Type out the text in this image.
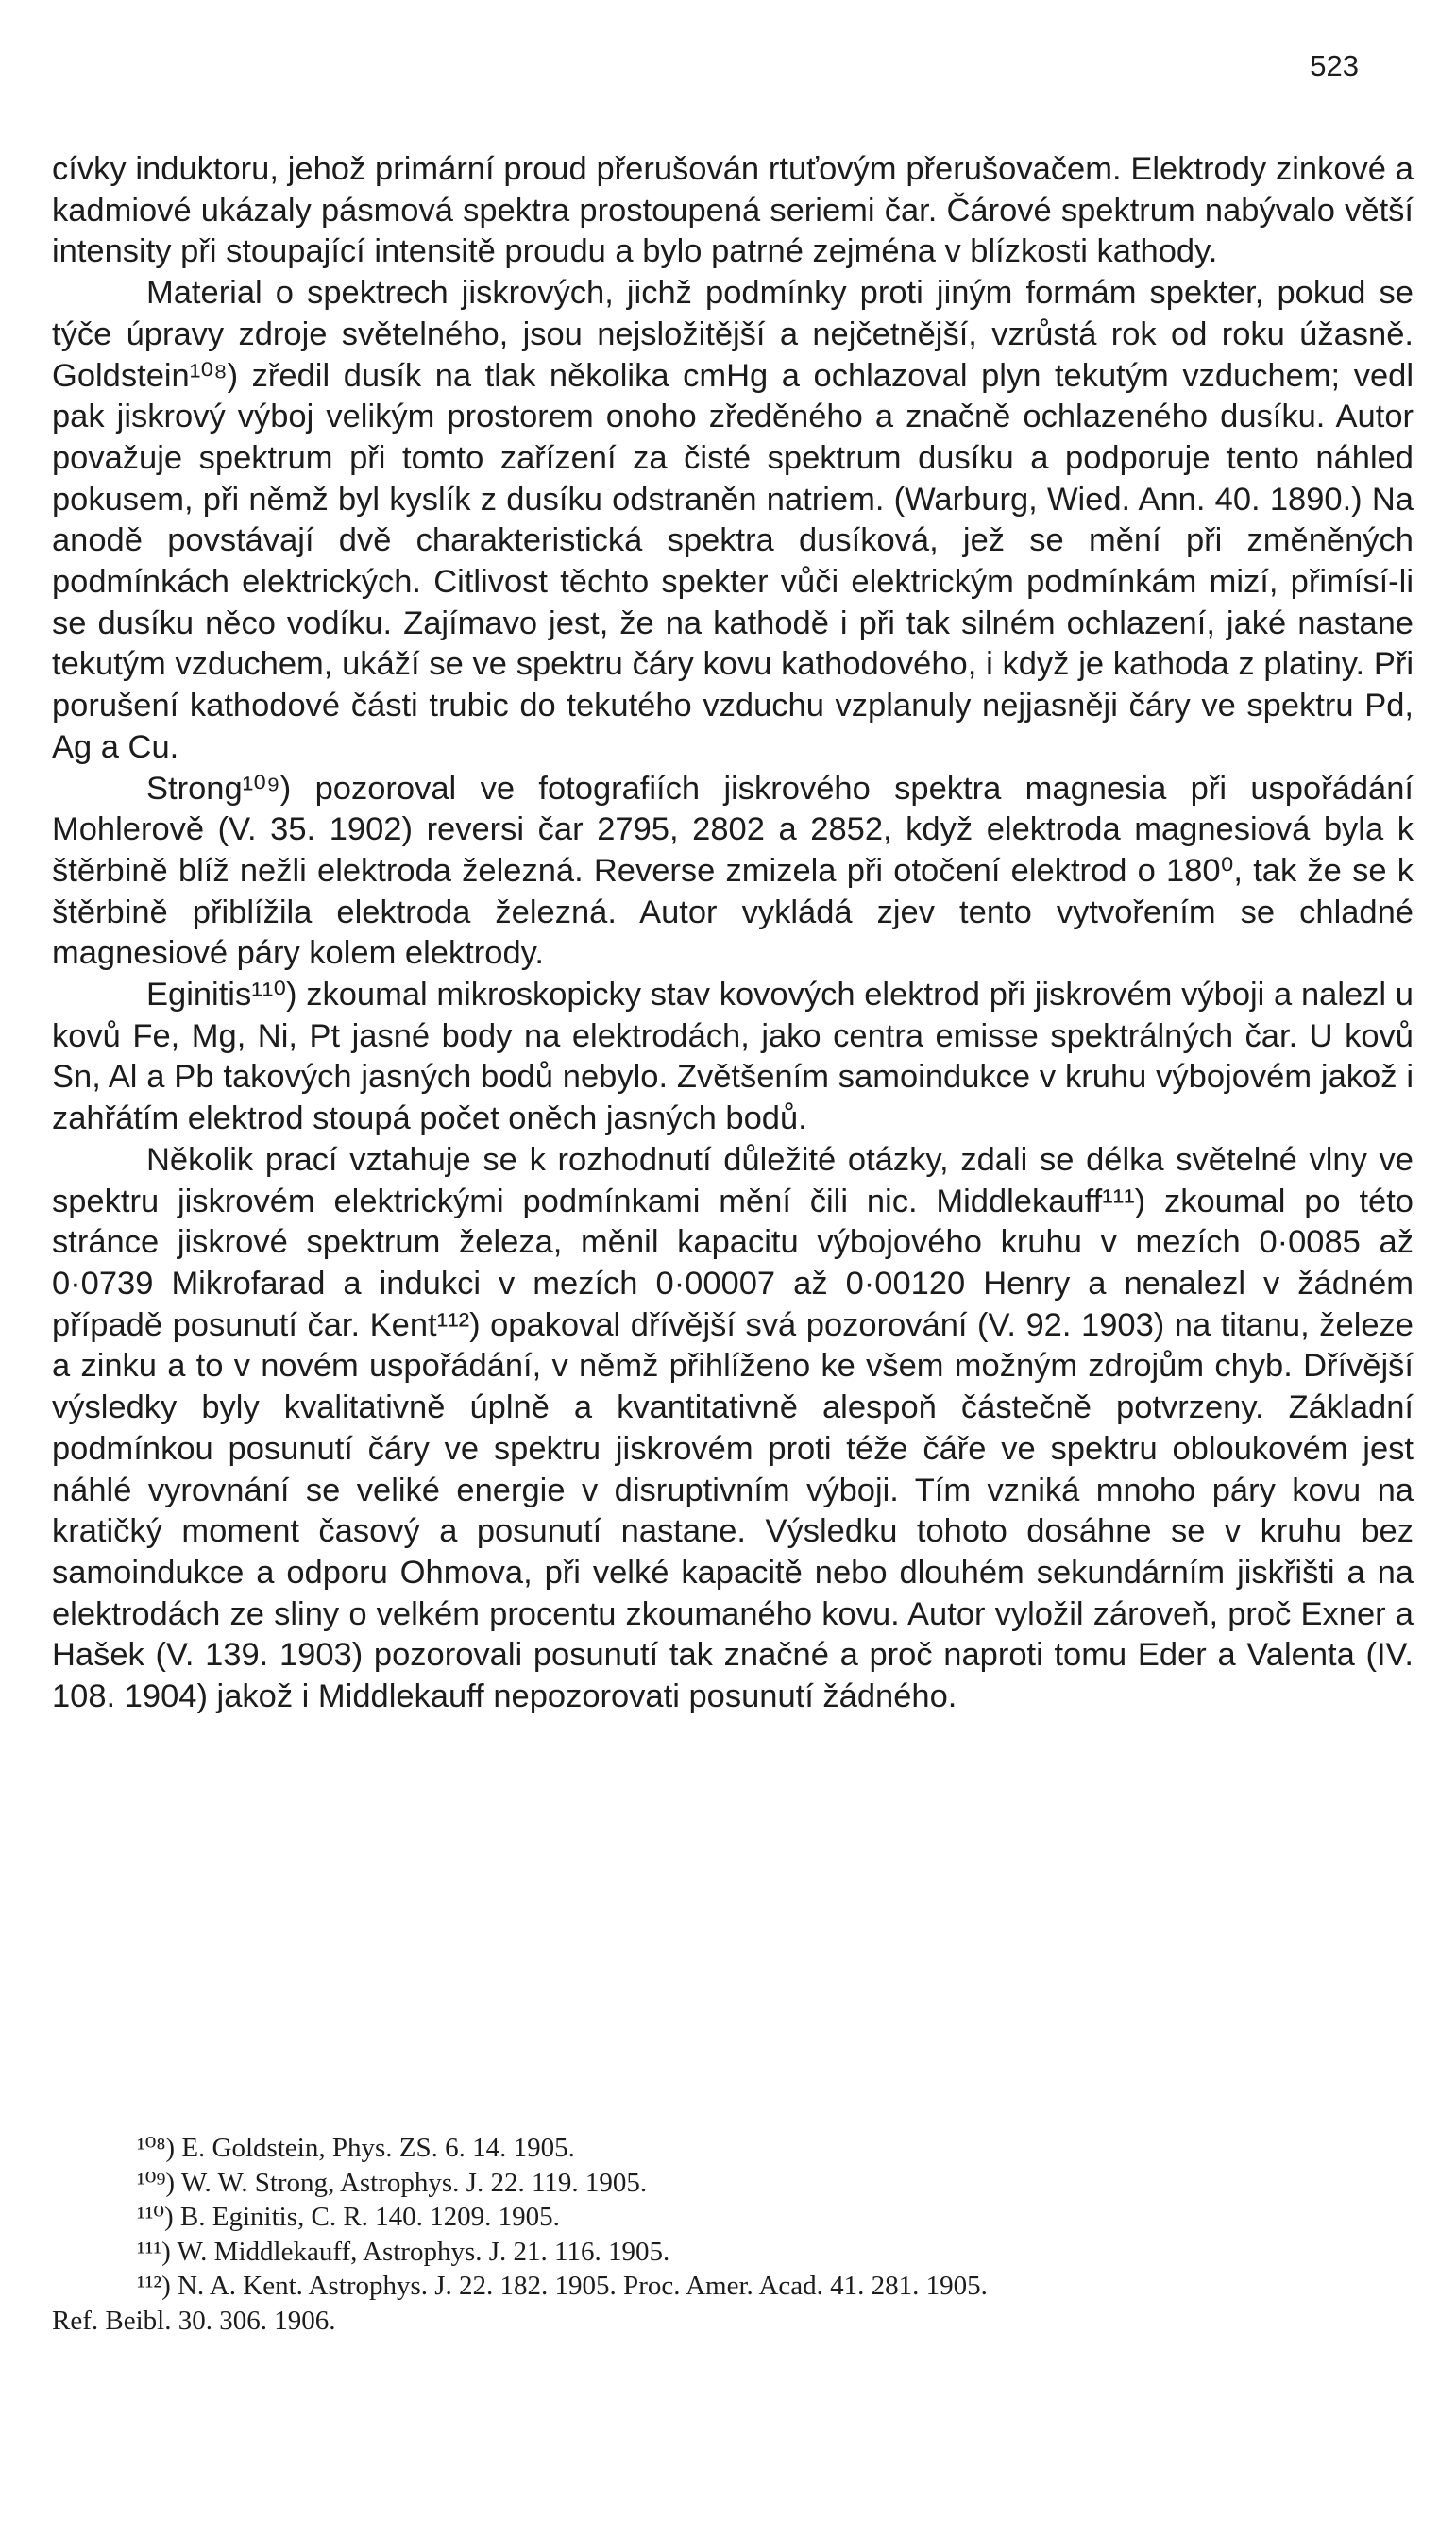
523

cívky induktoru, jehož primární proud přerušován rtuťovým přerušovačem. Elektrody zinkové a kadmiové ukázaly pásmová spektra prostoupená seriemi čar. Čárové spektrum nabývalo větší intensity při stoupající intensitě proudu a bylo patrné zejména v blízkosti kathody.

Material o spektrech jiskrových, jichž podmínky proti jiným formám spekter, pokud se týče úpravy zdroje světelného, jsou nejsložitější a nejčetnější, vzrůstá rok od roku úžasně. Goldstein¹⁰⁸) zředil dusík na tlak několika cmHg a ochlazoval plyn tekutým vzduchem; vedl pak jiskrový výboj velikým prostorem onoho zředěného a značně ochlazeného dusíku. Autor považuje spektrum při tomto zařízení za čisté spektrum dusíku a podporuje tento náhled pokusem, při němž byl kyslík z dusíku odstraněn natriem. (Warburg, Wied. Ann. 40. 1890.) Na anodě povstávají dvě charakteristická spektra dusíková, jež se mění při změněných podmínkách elektrických. Citlivost těchto spekter vůči elektrickým podmínkám mizí, přimísí-li se dusíku něco vodíku. Zajímavo jest, že na kathodě i při tak silném ochlazení, jaké nastane tekutým vzduchem, ukáží se ve spektru čáry kovu kathodového, i když je kathoda z platiny. Při porušení kathodové části trubic do tekutého vzduchu vzplanuly nejjasněji čáry ve spektru Pd, Ag a Cu.

Strong¹⁰⁹) pozoroval ve fotografiích jiskrového spektra magnesia při uspořádání Mohlerově (V. 35. 1902) reversi čar 2795, 2802 a 2852, když elektroda magnesiová byla k štěrbině blíž nežli elektroda železná. Reverse zmizela při otočení elektrod o 180⁰, tak že se k štěrbině přiblížila elektroda železná. Autor vykládá zjev tento vytvořením se chladné magnesiové páry kolem elektrody.

Eginitis¹¹⁰) zkoumal mikroskopicky stav kovových elektrod při jiskrovém výboji a nalezl u kovů Fe, Mg, Ni, Pt jasné body na elektrodách, jako centra emisse spektrálných čar. U kovů Sn, Al a Pb takových jasných bodů nebylo. Zvětšením samoindukce v kruhu výbojovém jakož i zahřátím elektrod stoupá počet oněch jasných bodů.

Několik prací vztahuje se k rozhodnutí důležité otázky, zdali se délka světelné vlny ve spektru jiskrovém elektrickými podmínkami mění čili nic. Middlekauff¹¹¹) zkoumal po této stránce jiskrové spektrum železa, měnil kapacitu výbojového kruhu v mezích 0·0085 až 0·0739 Mikrofarad a indukci v mezích 0·00007 až 0·00120 Henry a nenalezl v žádném případě posunutí čar. Kent¹¹²) opakoval dřívější svá pozorování (V. 92. 1903) na titanu, železe a zinku a to v novém uspořádání, v němž přihlíženo ke všem možným zdrojům chyb. Dřívější výsledky byly kvalitativně úplně a kvantitativně alespoň částečně potvrzeny. Základní podmínkou posunutí čáry ve spektru jiskrovém proti téže čáře ve spektru obloukovém jest náhlé vyrovnání se veliké energie v disruptivním výboji. Tím vzniká mnoho páry kovu na kratičký moment časový a posunutí nastane. Výsledku tohoto dosáhne se v kruhu bez samoindukce a odporu Ohmova, při velké kapacitě nebo dlouhém sekundárním jiskřišti a na elektrodách ze sliny o velkém procentu zkoumaného kovu. Autor vyložil zároveň, proč Exner a Hašek (V. 139. 1903) pozorovali posunutí tak značné a proč naproti tomu Eder a Valenta (IV. 108. 1904) jakož i Middlekauff nepozorovati posunutí žádného.

¹⁰⁸) E. Goldstein, Phys. ZS. 6. 14. 1905.

¹⁰⁹) W. W. Strong, Astrophys. J. 22. 119. 1905.

¹¹⁰) B. Eginitis, C. R. 140. 1209. 1905.

¹¹¹) W. Middlekauff, Astrophys. J. 21. 116. 1905.

¹¹²) N. A. Kent. Astrophys. J. 22. 182. 1905. Proc. Amer. Acad. 41. 281. 1905.

Ref. Beibl. 30. 306. 1906.
